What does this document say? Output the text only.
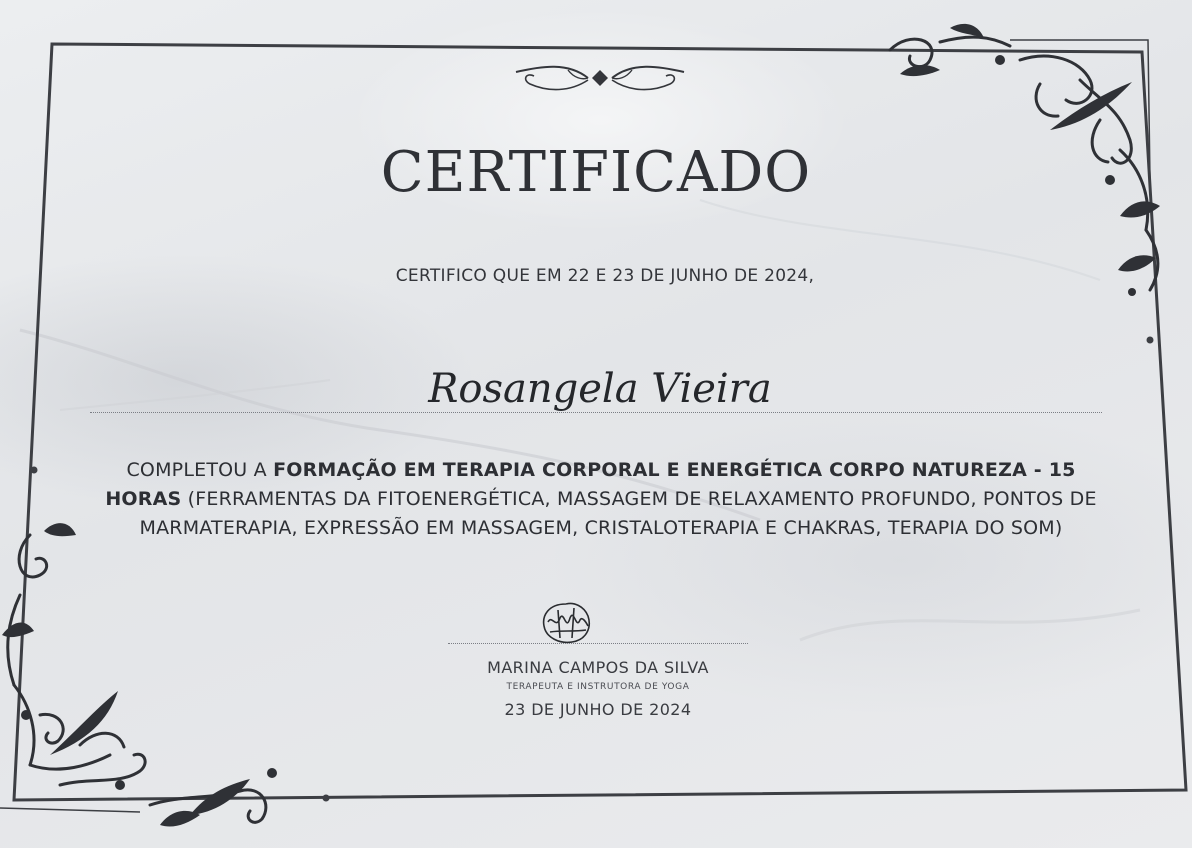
CERTIFICADO
CERTIFICO QUE EM 22 E 23 DE JUNHO DE 2024,
Rosangela Vieira
COMPLETOU A FORMAÇÃO EM TERAPIA CORPORAL E ENERGÉTICA CORPO NATUREZA - 15 HORAS (FERRAMENTAS DA FITOENERGÉTICA, MASSAGEM DE RELAXAMENTO PROFUNDO, PONTOS DE MARMATERAPIA, EXPRESSÃO EM MASSAGEM, CRISTALOTERAPIA E CHAKRAS, TERAPIA DO SOM)
MARINA CAMPOS DA SILVA
TERAPEUTA E INSTRUTORA DE YOGA
23 DE JUNHO DE 2024
